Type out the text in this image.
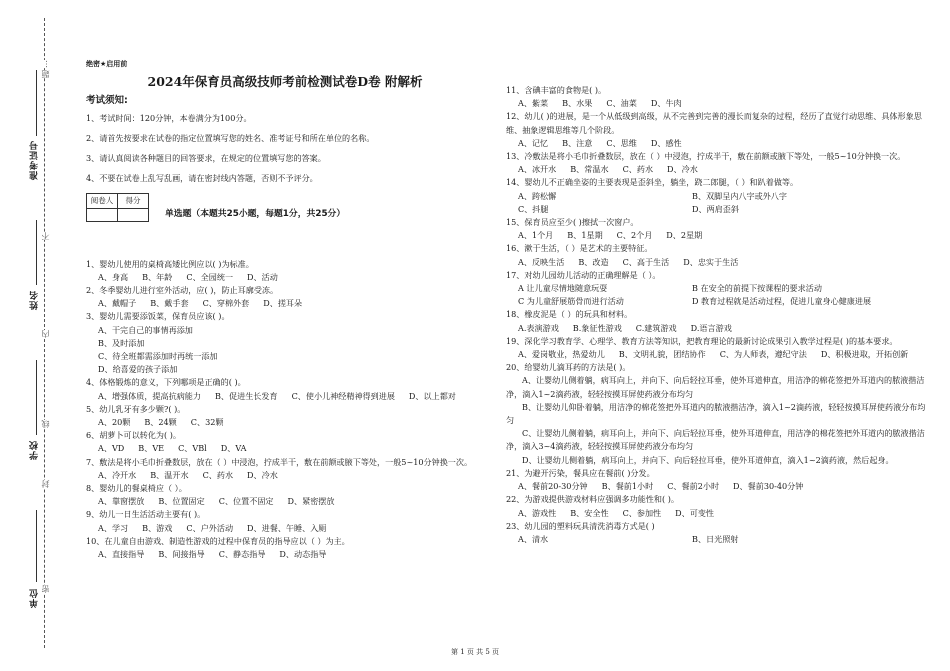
…
题
不
内
线
封
密
准考证号
姓名
学校
单位
绝密★启用前
2024年保育员高级技师考前检测试卷D卷 附解析
考试须知:
1、考试时间：120分钟，本卷满分为100分。
2、请首先按要求在试卷的指定位置填写您的姓名、准考证号和所在单位的名称。
3、请认真阅读各种题目的回答要求，在规定的位置填写您的答案。
4、不要在试卷上乱写乱画，请在密封线内答题，否则不予评分。
阅卷人	得分

单选题（本题共25小题，每题1分，共25分）
1、婴幼儿使用的桌椅高矮比例应以( )为标准。
A、身高 B、年龄 C、全园统一 D、活动
2、冬季婴幼儿进行室外活动，应( )，防止耳廓受冻。
A、戴帽子 B、戴手套 C、穿棉外套 D、搓耳朵
3、婴幼儿需要添饭菜，保育员应该( )。
A、干完自己的事情再添加
B、及时添加
C、待全班都需添加时再统一添加
D、给喜爱的孩子添加
4、体格锻炼的意义，下列哪项是正确的( )。
A、增强体质，提高抗病能力 B、促进生长发育 C、使小儿神经精神得到进展 D、以上都对
5、幼儿乳牙有多少颗?( )。
A、20颗 B、24颗 C、32颗
6、胡萝卜可以转化为( )。
A、VD B、VE C、VBl D、VA
7、敷法是将小毛巾折叠数层，放在（ ）中浸泡，拧成半干，敷在前额或腋下等处，一般5~10分钟换一次。
A、冷开水 B、温开水 C、药水 D、冷水
8、婴幼儿的餐桌椅应（ ）。
A、靠窗摆放 B、位置固定 C、位置不固定 D、紧密摆放
9、幼儿一日生活活动主要有( )。
A、学习 B、游戏 C、户外活动 D、进餐、午睡、入厕
10、在儿童自由游戏、制造性游戏的过程中保育员的指导应以（ ）为主。
A、直接指导 B、间接指导 C、静态指导 D、动态指导
11、含碘丰富的食物是( )。
A、紫菜 B、水果 C、油菜 D、牛肉
12、幼儿( )的进展，是一个从低级到高级，从不完善到完善的漫长而复杂的过程，经历了直觉行动思维、具体形象思维、抽象逻辑思维等几个阶段。
A、记忆 B、注意 C、思维 D、感性
13、冷敷法是将小毛巾折叠数层，放在（ ）中浸泡，拧成半干，敷在前额或腋下等处，一般5~10分钟换一次。
A、冰开水 B、常温水 C、药水 D、冷水
14、婴幼儿不正确坐姿的主要表现是歪斜坐，躺坐，跷二郎腿，（ ）和趴着做等。
A、跨松懈	B、双脚呈内八字或外八字
C、抖腿	D、两肩歪斜
15、保育员应至少( )擦拭一次窗户。
A、1个月 B、1星期 C、2个月 D、2星期
16、漱于生活，（ ）是艺术的主要特征。
A、反映生活 B、改造 C、高于生活 D、忠实于生活
17、对幼儿园幼儿活动的正确理解是（ ）。
A 让儿童尽情地随意玩耍	B 在安全的前提下按课程的要求活动
C 为儿童舒展筋骨而进行活动	D 教育过程就是活动过程，促进儿童身心健康进展
18、橡皮泥是（ ）的玩具和材料。
A.表演游戏 B.象征性游戏 C.建筑游戏 D.语言游戏
19、深化学习教育学、心理学、教育方法等知识，把教育理论的最新讨论成果引入教学过程是( )的基本要求。
A、爱岗敬业，热爱幼儿 B、文明礼貌，团结协作 C、为人师表，遵纪守法 D、积极进取，开拓创新
20、给婴幼儿滴耳药的方法是( )。
A、让婴幼儿侧着躺，病耳向上，并向下、向后轻拉耳垂，使外耳道伸直，用洁净的棉花签把外耳道内的脓液揩洁净，滴入1~2滴药液，轻轻按摸耳屏使药液分布均匀
B、让婴幼儿仰卧着躺，用洁净的棉花签把外耳道内的脓液揩洁净，滴入1~2滴药液，轻轻按摸耳屏使药液分布均匀
C、让婴幼儿侧着躺，病耳向上，并向下、向后轻拉耳垂，使外耳道伸直，用洁净的棉花签把外耳道内的脓液揩洁净，滴入3~4滴药液，轻轻按摸耳屏使药液分布均匀
D、让婴幼儿侧着躺，病耳向上，并向下、向后轻拉耳垂，使外耳道伸直，滴入1~2滴药液，然后起身。
21、为避开污染，餐具应在餐前( )分发。
A、餐前20-30分钟 B、餐前1小时 C、餐前2小时 D、餐前30-40分钟
22、为游戏提供游戏材料应强调多功能性和( )。
A、游戏性 B、安全性 C、参加性 D、可变性
23、幼儿园的塑料玩具清洗消毒方式是( )
A、清水	B、日光照射
第 1 页 共 5 页
